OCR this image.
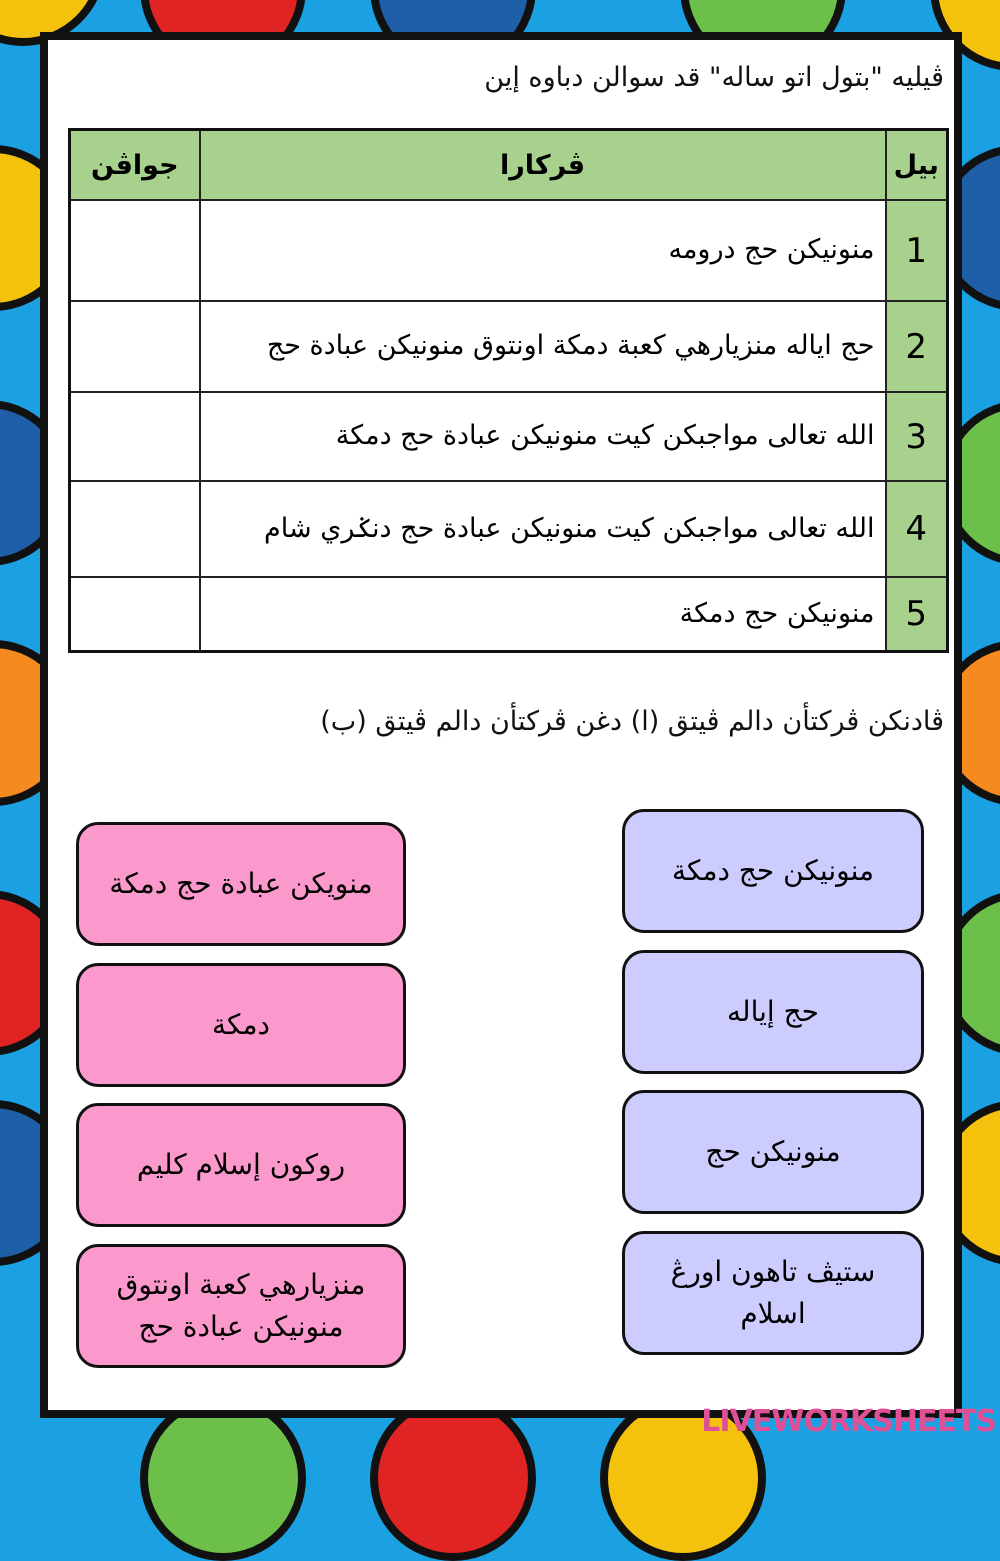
ڤيليه "بتول اتو ساله" قد سوالن دباوه إين
بيل	ڤركارا	جواڤن
1	منونيكن حج درومه	
2	حج اياله منزيارهي كعبة دمكة اونتوق منونيكن عبادة حج	
3	الله تعالى مواجبكن كيت منونيكن عبادة حج دمكة	
4	الله تعالى مواجبكن كيت منونيكن عبادة حج دنݢري شام	
5	منونيكن حج دمكة	
ڤادنكن ڤركتأن دالم ڤيتق (ا) دغن ڤركتأن دالم ڤيتق (ب)
منونيكن حج دمكة
حج إياله
منونيكن حج
ستيڤ تاهون اورڠ اسلام
منويكن عبادة حج دمكة
دمكة
روكون إسلام كليم
منزيارهي كعبة اونتوق منونيكن عبادة حج
LIVEWORKSHEETS
